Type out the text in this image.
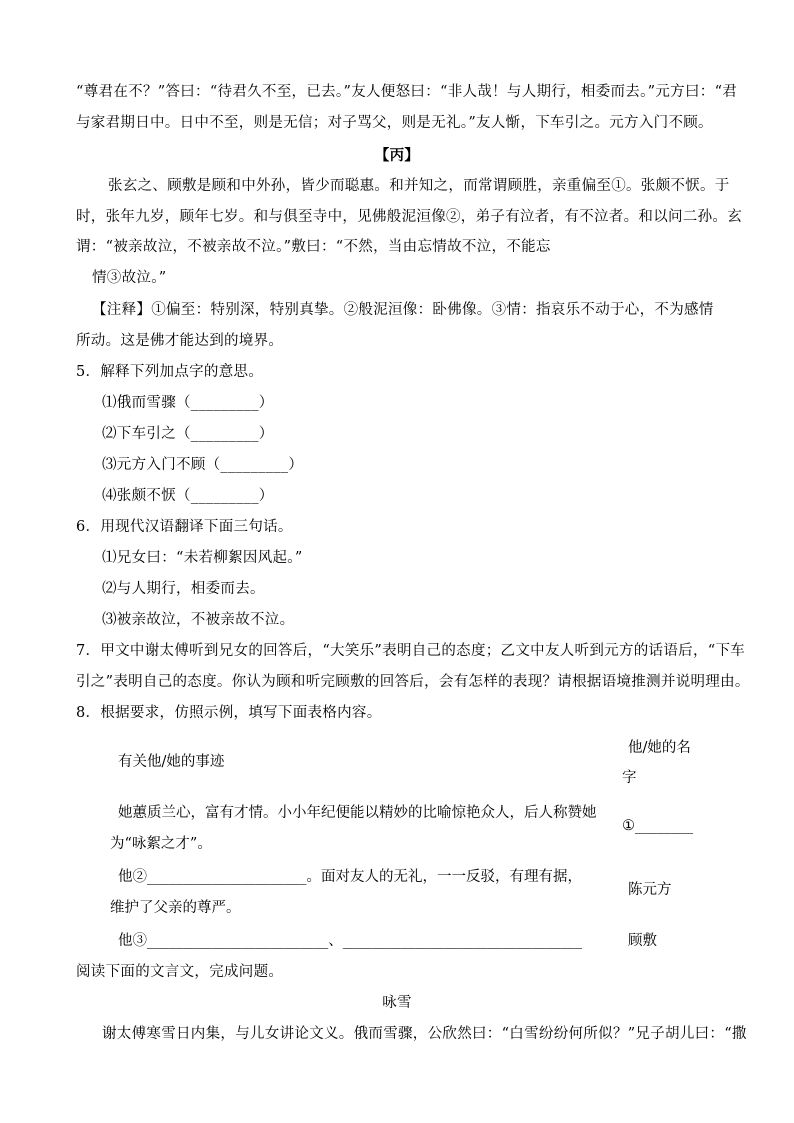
“尊君在不？”答曰：“待君久不至，已去。”友人便怒曰：“非人哉！与人期行，相委而去。”元方曰：“君
与家君期日中。日中不至，则是无信；对子骂父，则是无礼。”友人惭，下车引之。元方入门不顾。
【丙】
张玄之、顾敷是顾和中外孙，皆少而聪惠。和并知之，而常谓顾胜，亲重偏至①。张颇不恹。于
时，张年九岁，顾年七岁。和与俱至寺中，见佛般泥洹像②，弟子有泣者，有不泣者。和以问二孙。玄
谓：“被亲故泣，不被亲故不泣。”敷曰：“不然，当由忘情故不泣，不能忘
情③故泣。”
【注释】①偏至：特别深，特别真挚。②般泥洹像：卧佛像。③情：指哀乐不动于心，不为感情
所动。这是佛才能达到的境界。
5．解释下列加点字的意思。
⑴俄而雪骤（_________）
⑵下车引之（_________）
⑶元方入门不顾（_________）
⑷张颇不恹（_________）
6．用现代汉语翻译下面三句话。
⑴兄女曰：“未若柳絮因风起。”
⑵与人期行，相委而去。
⑶被亲故泣，不被亲故不泣。
7．甲文中谢太傅听到兄女的回答后，“大笑乐”表明自己的态度；乙文中友人听到元方的话语后，“下车
引之”表明自己的态度。你认为顾和听完顾敷的回答后，会有怎样的表现？请根据语境推测并说明理由。
8．根据要求，仿照示例，填写下面表格内容。
有关他/她的事迹
他/她的名
字
她蕙质兰心，富有才情。小小年纪便能以精妙的比喻惊艳众人，后人称赞她为“咏絮之才”。
①________
他②______________________。面对友人的无礼，一一反驳，有理有据，
维护了父亲的尊严。
陈元方
他③_________________________、_________________________________	顾敷
阅读下面的文言文，完成问题。
咏雪
谢太傅寒雪日内集，与儿女讲论文义。俄而雪骤，公欣然曰：“白雪纷纷何所似？”兄子胡儿曰：“撒
